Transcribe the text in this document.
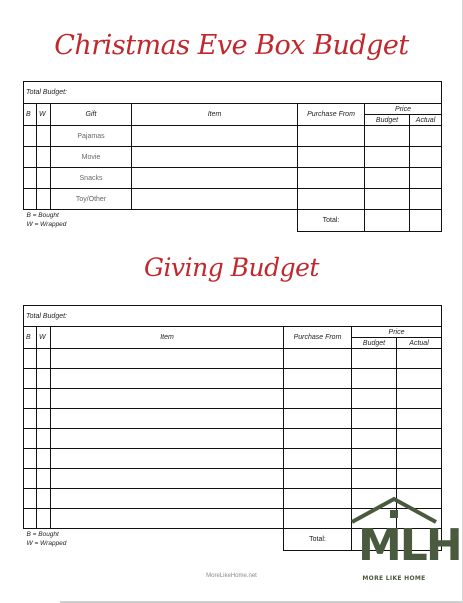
Christmas Eve Box Budget
Total Budget:						
B	W	Gift	Item	Purchase From	Price	
					Budget	Actual
		Pajamas				
		Movie				
		Snacks				
		Toy/Other				

B = Bought
W = Wrapped				Total:		
Giving Budget
Total Budget:					
B	W	Item	Purchase From	Price	
				Budget	Actual

B = Bought
W = Wrapped			Total:		
MoreLikeHome.net
MLH
MORE LIKE HOME
